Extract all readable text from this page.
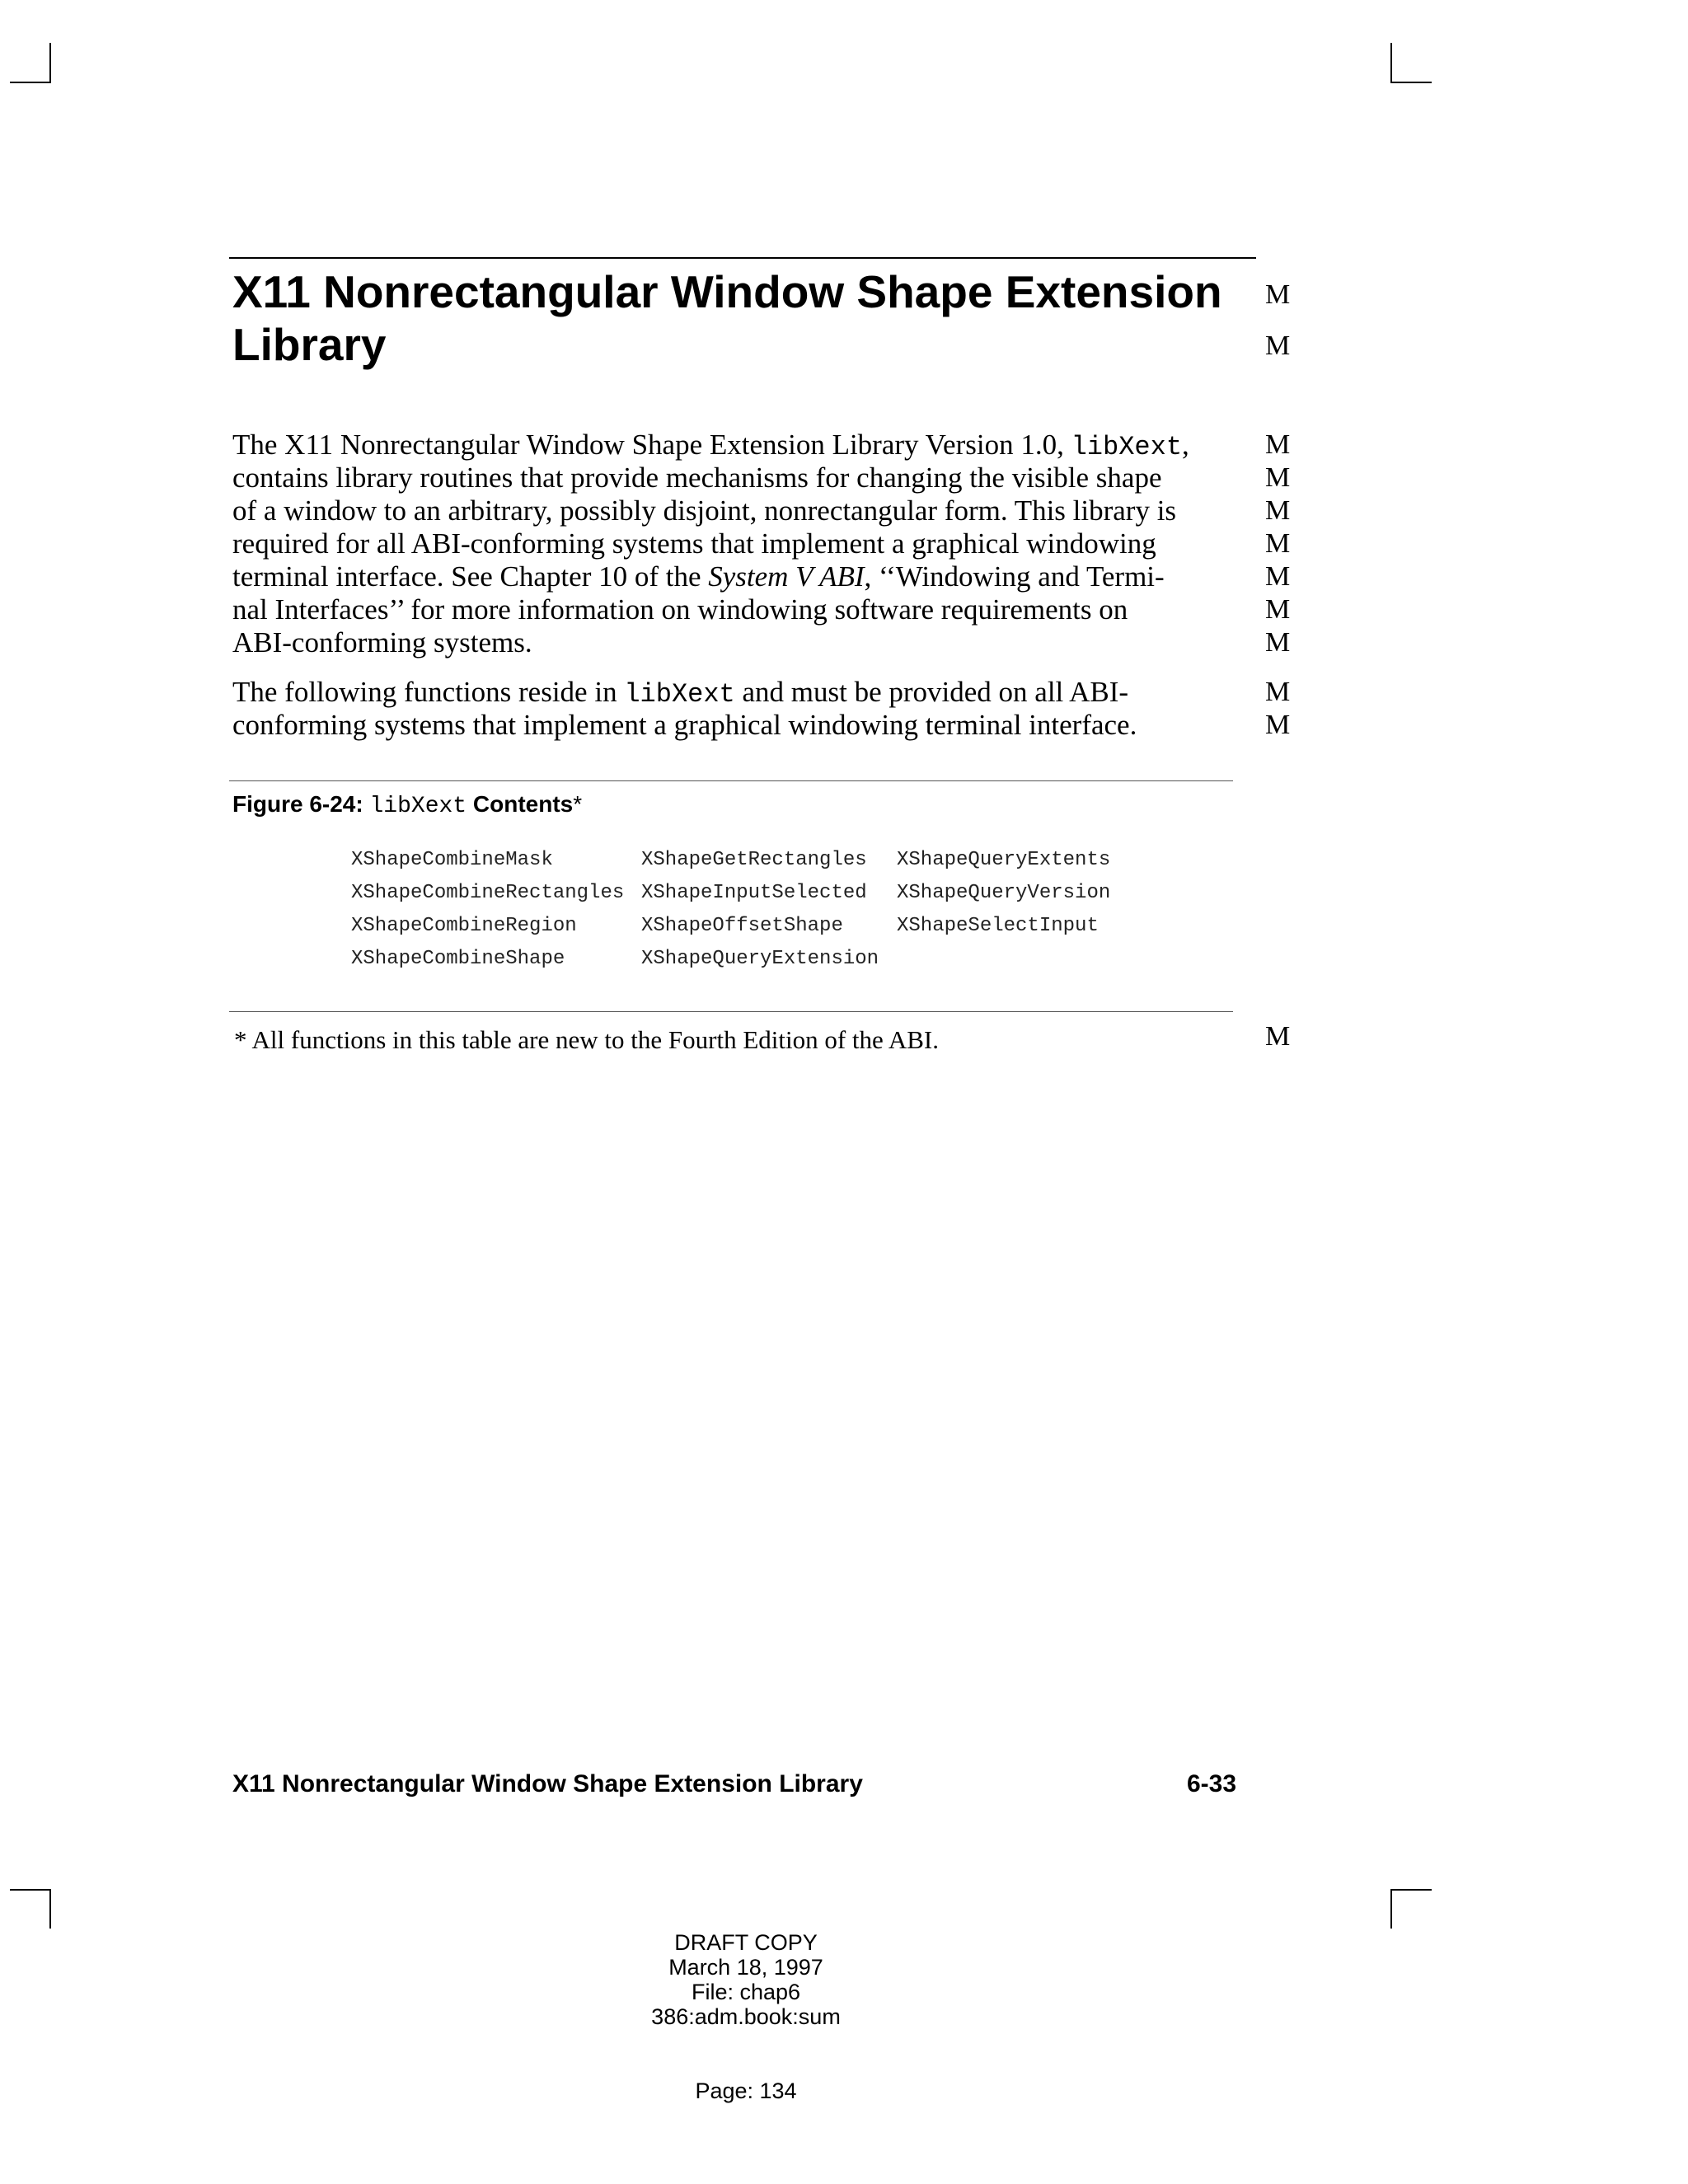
X11 Nonrectangular Window Shape Extension
Library
M
M
The X11 Nonrectangular Window Shape Extension Library Version 1.0, libXext,
contains library routines that provide mechanisms for changing the visible shape
of a window to an arbitrary, possibly disjoint, nonrectangular form. This library is
required for all ABI-conforming systems that implement a graphical windowing
terminal interface. See Chapter 10 of the System V ABI, ‘‘Windowing and Termi-
nal Interfaces’’ for more information on windowing software requirements on
ABI-conforming systems.
M
M
M
M
M
M
M
The following functions reside in libXext and must be provided on all ABI-
conforming systems that implement a graphical windowing terminal interface.
M
M
Figure 6-24: libXext Contents*
XShapeCombineMask
XShapeCombineRectangles
XShapeCombineRegion
XShapeCombineShape
XShapeGetRectangles
XShapeInputSelected
XShapeOffsetShape
XShapeQueryExtension
XShapeQueryExtents
XShapeQueryVersion
XShapeSelectInput
* All functions in this table are new to the Fourth Edition of the ABI.	M
X11 Nonrectangular Window Shape Extension Library	6-33
DRAFT COPY
March 18, 1997
File: chap6
386:adm.book:sum
Page: 134
